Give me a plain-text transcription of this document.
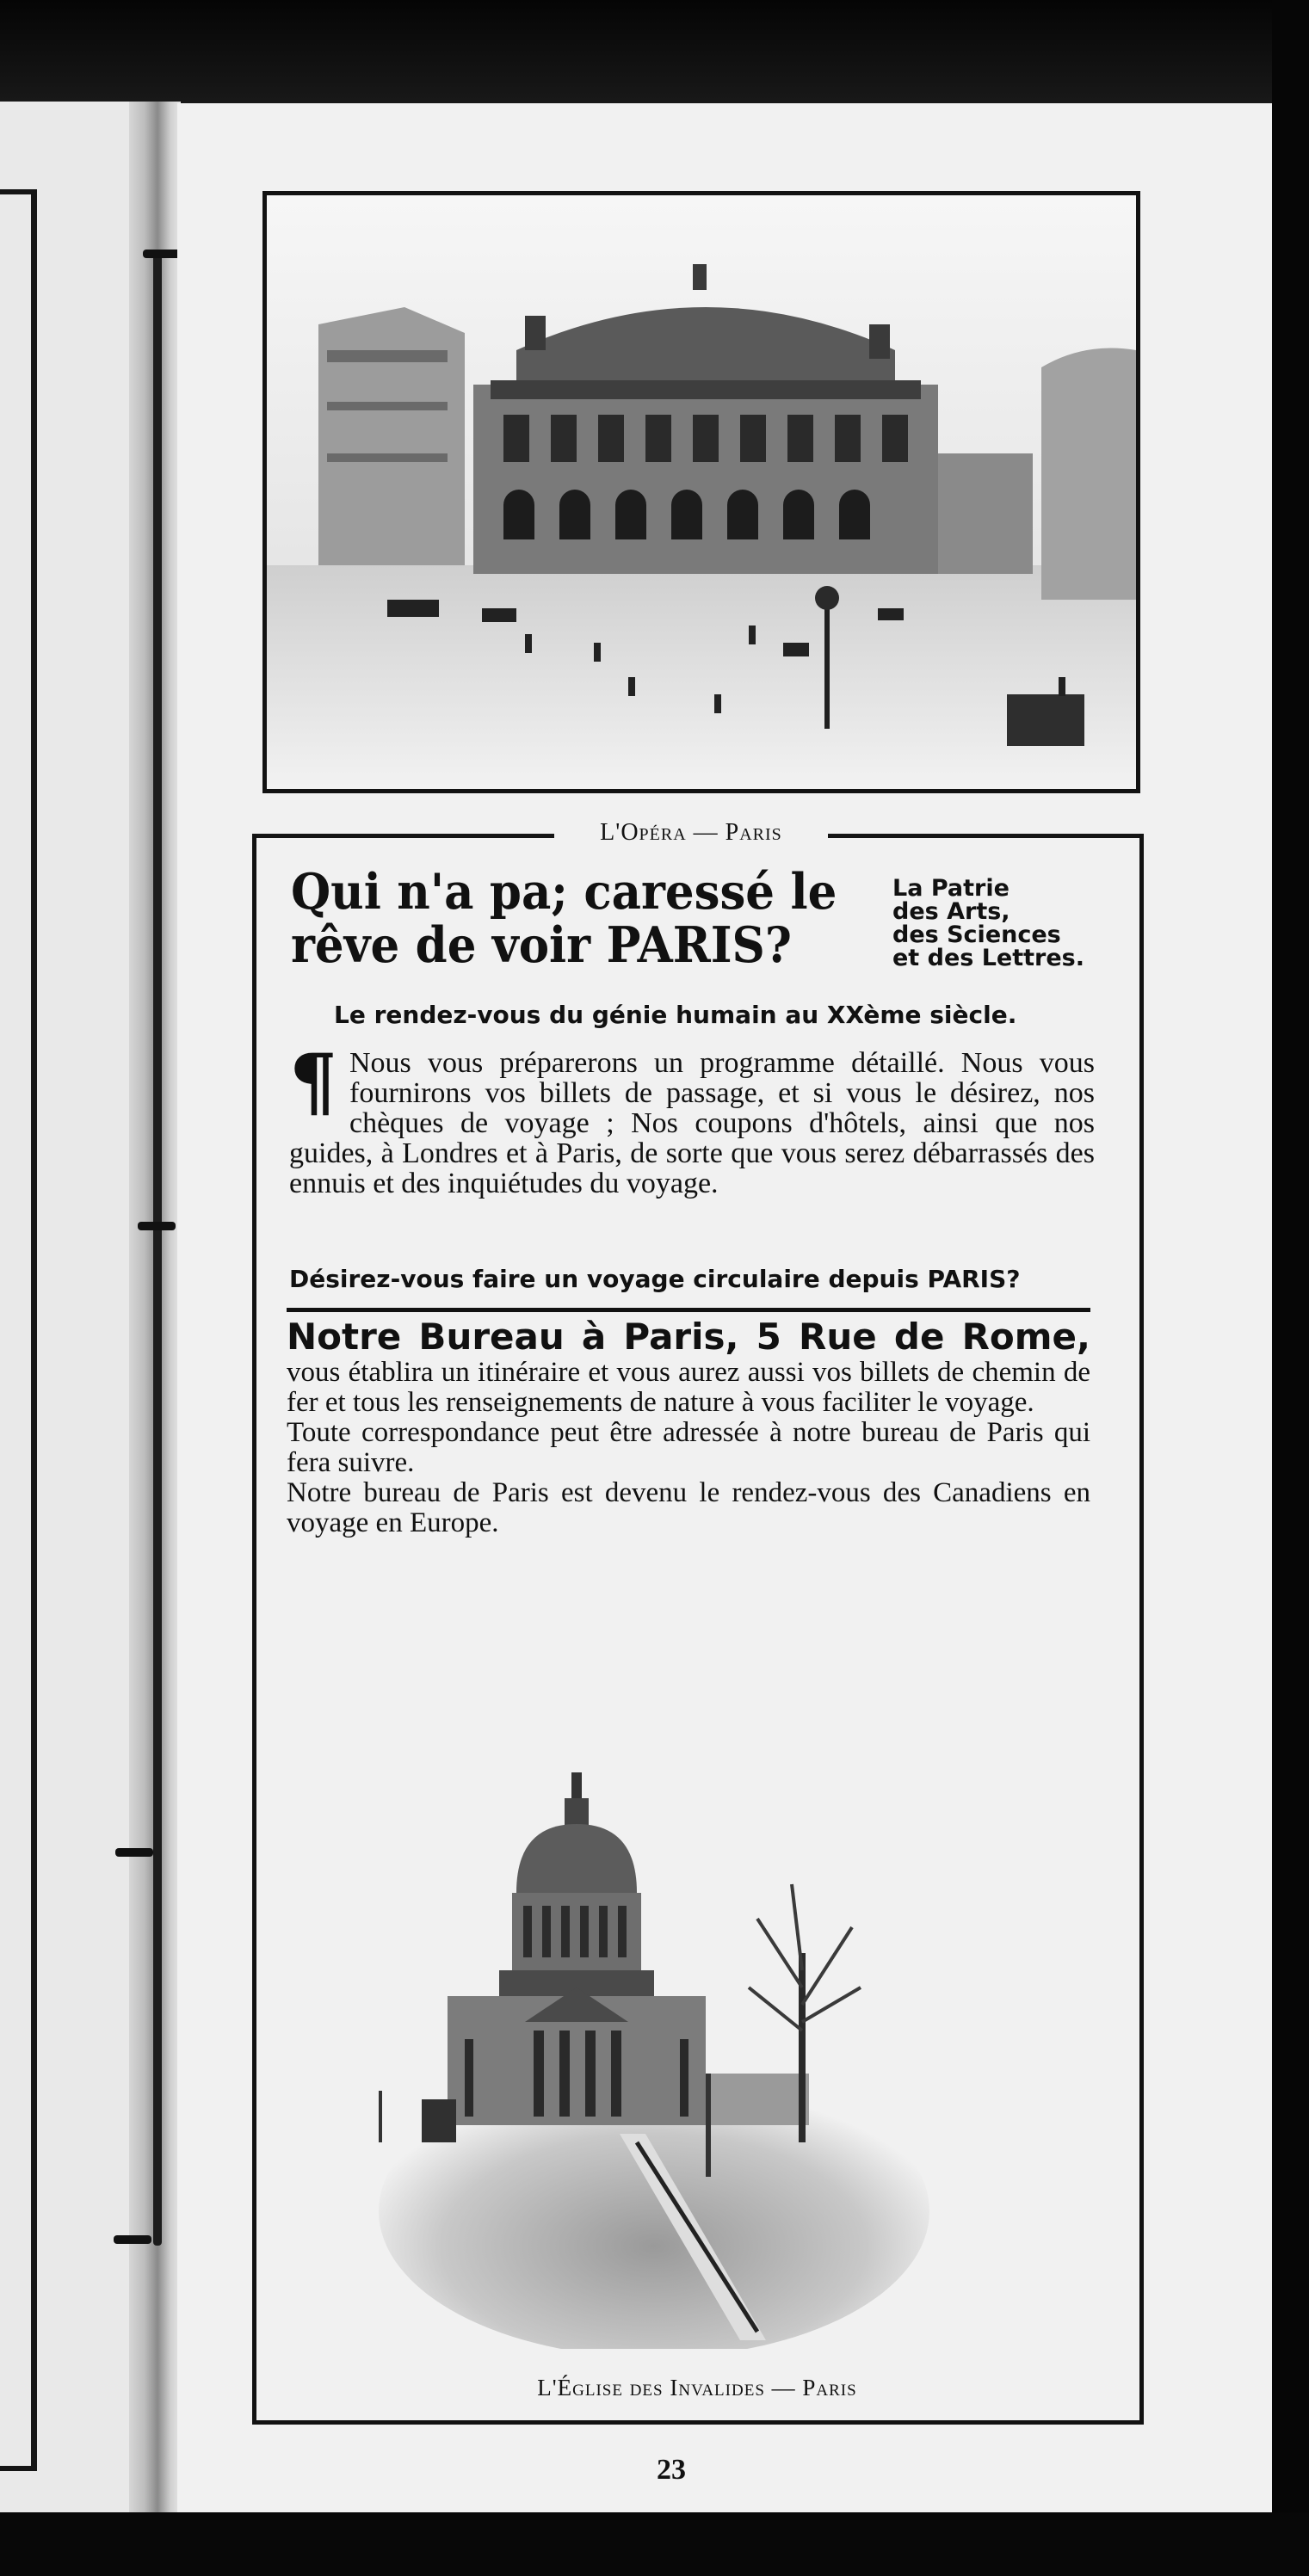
L'Opéra — Paris
Qui n'a pa; caressé le
rêve de voir PARIS?
La Patrie
des Arts,
des Sciences
et des Lettres.
Le rendez-vous du génie humain au XXème siècle.
¶ Nous vous préparerons un programme détaillé. Nous vous fournirons vos billets de passage, et si vous le désirez, nos chèques de voyage ; Nos coupons d'hôtels, ainsi que nos guides, à Londres et à Paris, de sorte que vous serez débarrassés des ennuis et des inquiétudes du voyage.
Désirez-vous faire un voyage circulaire depuis PARIS?

Notre Bureau à Paris, 5 Rue de Rome, vous établira un itinéraire et vous aurez aussi vos billets de chemin de fer et tous les renseignements de nature à vous faciliter le voyage.

Toute correspondance peut être adressée à notre bureau de Paris qui fera suivre.

Notre bureau de Paris est devenu le rendez-vous des Canadiens en voyage en Europe.

L'Église des Invalides — Paris
23
